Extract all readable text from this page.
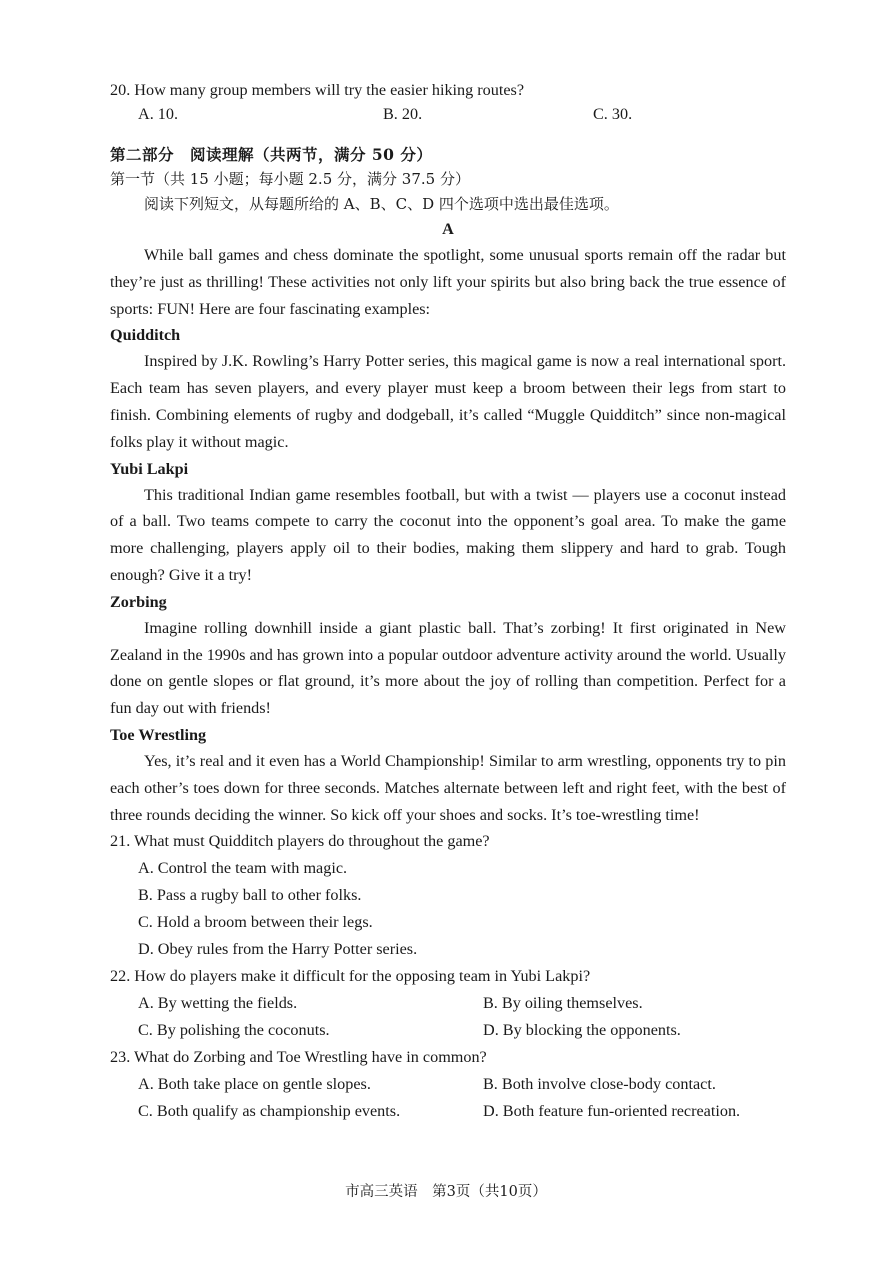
20. How many group members will try the easier hiking routes?
A. 10.	B. 20.	C. 30.
第二部分　阅读理解（共两节，满分 50 分）
第一节（共 15 小题；每小题 2.5 分，满分 37.5 分）
阅读下列短文，从每题所给的 A、B、C、D 四个选项中选出最佳选项。
A

While ball games and chess dominate the spotlight, some unusual sports remain off the radar but they’re just as thrilling! These activities not only lift your spirits but also bring back the true essence of sports: FUN! Here are four fascinating examples:

Quidditch

Inspired by J.K. Rowling’s Harry Potter series, this magical game is now a real international sport. Each team has seven players, and every player must keep a broom between their legs from start to finish. Combining elements of rugby and dodgeball, it’s called “Muggle Quidditch” since non-magical folks play it without magic.

Yubi Lakpi

This traditional Indian game resembles football, but with a twist — players use a coconut instead of a ball. Two teams compete to carry the coconut into the opponent’s goal area. To make the game more challenging, players apply oil to their bodies, making them slippery and hard to grab. Tough enough? Give it a try!

Zorbing

Imagine rolling downhill inside a giant plastic ball. That’s zorbing! It first originated in New Zealand in the 1990s and has grown into a popular outdoor adventure activity around the world. Usually done on gentle slopes or flat ground, it’s more about the joy of rolling than competition. Perfect for a fun day out with friends!

Toe Wrestling

Yes, it’s real and it even has a World Championship! Similar to arm wrestling, opponents try to pin each other’s toes down for three seconds. Matches alternate between left and right feet, with the best of three rounds deciding the winner. So kick off your shoes and socks. It’s toe-wrestling time!

21. What must Quidditch players do throughout the game?
A. Control the team with magic.
B. Pass a rugby ball to other folks.
C. Hold a broom between their legs.
D. Obey rules from the Harry Potter series.
22. How do players make it difficult for the opposing team in Yubi Lakpi?
A. By wetting the fields.	B. By oiling themselves.
C. By polishing the coconuts.	D. By blocking the opponents.
23. What do Zorbing and Toe Wrestling have in common?
A. Both take place on gentle slopes.	B. Both involve close-body contact.
C. Both qualify as championship events.	D. Both feature fun-oriented recreation.
市高三英语　第3页（共10页）
